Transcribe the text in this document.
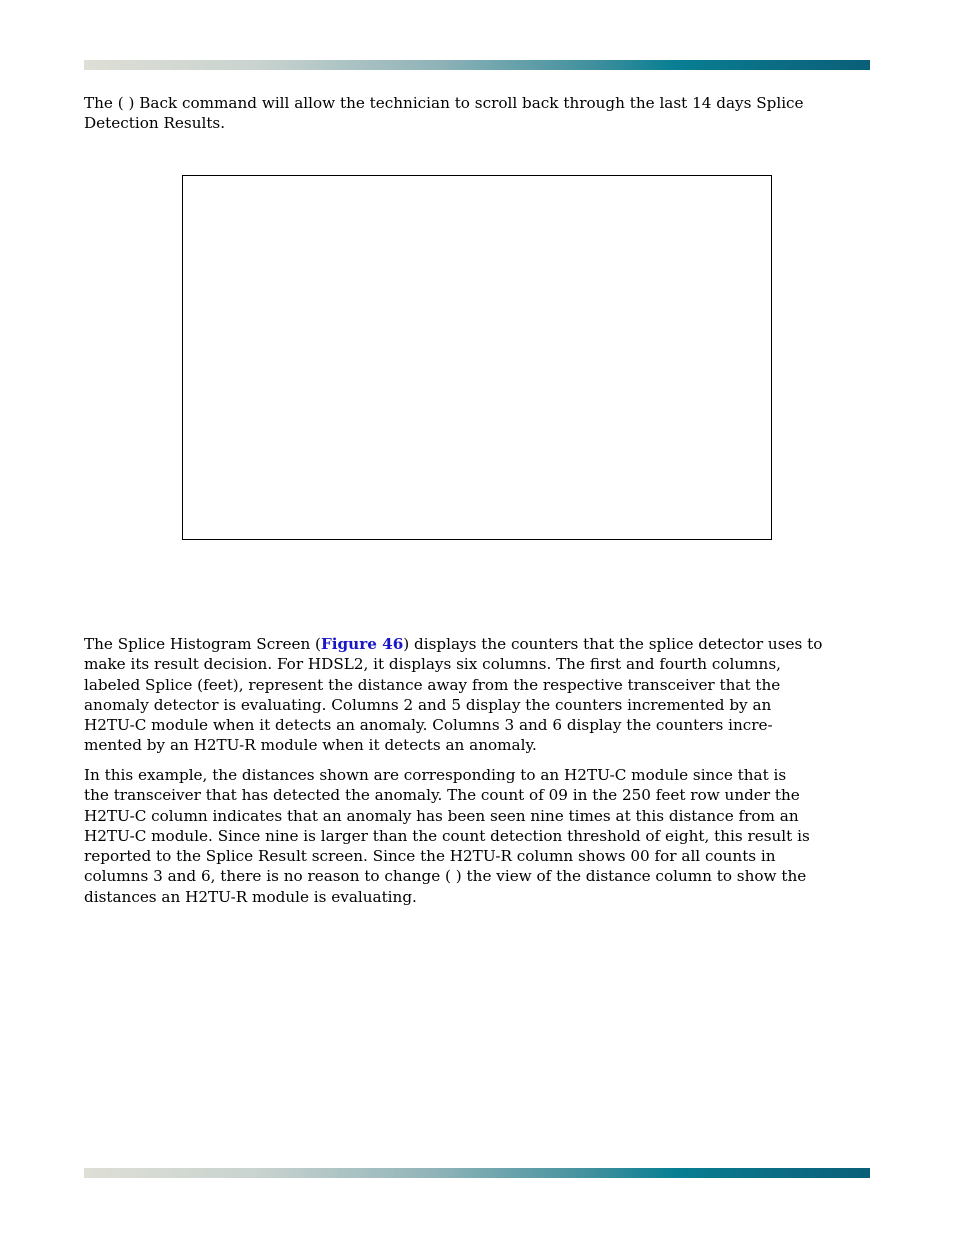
The ( ) Back command will allow the technician to scroll back through the last 14 days Splice
Detection Results.

The Splice Histogram Screen (Figure 46) displays the counters that the splice detector uses to
make its result decision. For HDSL2, it displays six columns. The first and fourth columns,
labeled Splice (feet), represent the distance away from the respective transceiver that the
anomaly detector is evaluating. Columns 2 and 5 display the counters incremented by an
H2TU-C module when it detects an anomaly. Columns 3 and 6 display the counters incre-
mented by an H2TU-R module when it detects an anomaly.

In this example, the distances shown are corresponding to an H2TU-C module since that is
the transceiver that has detected the anomaly. The count of 09 in the 250 feet row under the
H2TU-C column indicates that an anomaly has been seen nine times at this distance from an
H2TU-C module. Since nine is larger than the count detection threshold of eight, this result is
reported to the Splice Result screen. Since the H2TU-R column shows 00 for all counts in
columns 3 and 6, there is no reason to change ( ) the view of the distance column to show the
distances an H2TU-R module is evaluating.
